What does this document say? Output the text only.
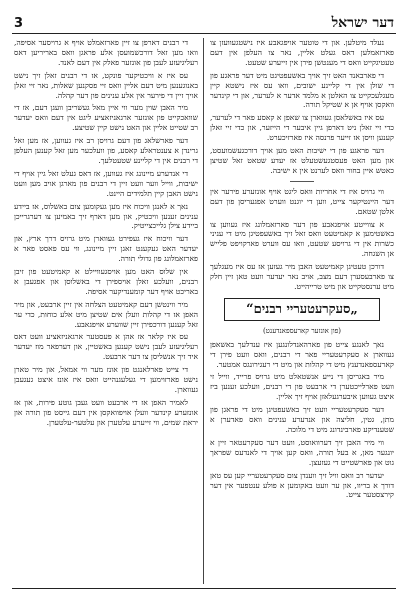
3	דער ישראל

נעלד מיטלען. און די טוטער אויפגאבע איז נישטגעוועזן צו פארזאמלען דאס געלט אליין, נאר צו העלפן אין דעם טעטיגקייט וואס די מענטשן פירן אין זייערע שטעט.

די פארבאנד האט זיך אויך באשעפטיגט מיט דער פראגע פון די שולן אין די קליינע ישובים, וואו עס איז נישטא קיין מעגלעכקייט צו האלטן א מלמד אדער א לערער, און די קינדער וואקסן אויף אן א שטיקל תורה.

עס איז באשלאסן געווארן צו שאפן א קאסע פאר די לערער, כדי זיי זאלן ניט דארפן גיין איבער די הייזער, און כדי זיי זאלן קענען וויסן אז זייער פרנסה איז פארזיכערט.

דער פראגע פון די ישיבות האט מען אויך דורכגעשמועסט, און מען האט פעסטגעשטעלט אז יעדע שטאט זאל שטיצן כאטש איין בחור וואס לערנט אין א ישיבה.

ווי גרויס איז די אחריות וואס ליגט אויף אונזערע פירער אין דער היינטיקער צייט, ווען די יוגנט ווערט אפגעריסן פון דעם אלטן שטאם.

א צווייטע אויפגאבע פון דער פארזאמלונג איז געווען צו באשטימען א קאמיטעט וואס זאל זיך באשעפטיגן מיט די עניני כשרות אין די גרויסע שטעט, וואו עס ווערט פארקויפט פלייש אן השגחה.

דורכן טעטיגן קאמיטעט האבן מיר געזען אז עס איז מעגלעך צו פארבעסערן דעם מצב, אויב נאר יעדער וועט טאן זיין חלק מיט ערנסטקייט און מיט טרייהייט.

„סעקרעטעריי רבנים“
(פון אונזער קארעספאנדענט)

נאך לאנגע צייט פון פארהאנדלונגען איז ענדלעך באשאפן געווארן א סעקרעטעריי פאר די רבנים, וואס וועט פירן די קארעספאנדענץ מיט די קהלות און מיט די רעגירונגס אמטער.

מיר באגריסן די נייע אנשטאלט מיט גרויס פרייד, ווייל זי וועט פארלייכטערן די ארבעט פון די רבנים, וועלכע זענען ביז איצט געווען איבערגעלאזן אויף זיך אליין.

דער סעקרעטעריי וועט זיך באשעפטיגן מיט די פראגן פון מתן, גטין, חליצה און אנדערע ענינים וואס פאדערן א שטענדיקע פארבינדונג מיט די מלוכה.

ווי מיר האבן זיך דערוואוסט, וועט דער סעקרעטאר זיין א יונגער מאן, א בעל תורה, וואס קען אויך די לאנדעס שפראך גוט און פארשטייט די געזעצן.

יעדער רב וואס וויל זיך ווענדן צום סעקרעטעריי קען עס טאן דורך א בריוו, און ער וועט באקומען א פולע ענטפער אין דער קירצסטער צייט.

די רבנים דארפן צו זיין פארזאמלט אויף א גרויסער אסיפה, וואו מען זאל דורכשמועסן אלע פראגן וואס באריריען דאס רעליגיעזע לעבן פון אונזער פאלק אין דעם לאנד.

עס איז א וויכטיקער פונקט, אז די רבנים זאלן זיך נישט באנוגענען מיט דעם אליין וואס זיי פסקנען שאלות, נאר זיי זאלן אויך זיין די פירער אין אלע ענינים פון דער קהלה.

מיר האבן שוין מער ווי איין מאל געשריבן וועגן דעם, אז די שוואכקייט פון אונזער ארגאניזאציע ליגט אין דעם וואס יעדער רב שטייט אליין און האט נישט קיין שטיצע.

דער פארשלאג פון דעם גרויסן רב איז געווען, אז מען זאל גרינדן א צענטראלע קאסע, פון וועלכער מען זאל קענען העלפן די רבנים אין די קליינע שטעטלעך.

די אנדערע מיינונג איז געווען, אז דאס געלט זאל גיין אויף די ישיבות, ווייל ווער וועט זיין די רבנים פון מארגן אויב מען וועט נישט האבן קיין תלמידים היינט.

נאך א לאנגן וויכוח איז מען געקומען צום באשלוס, אז ביידע ענינים זענען וויכטיק, און מען דארף זיך באמיען צו דערגרייכן ביידע צילן גלייכצייטיק.

דער וויכוח איז געפירט געווארן מיט גרויס דרך ארץ, און יעדער האט געקענט זאגן זיין מיינונג, ווי עס פאסט פאר א פארזאמלונג פון גדולי תורה.

אין שלוס האט מען אויסגעוויילט א קאמיטעט פון זיבן רבנים, וועלכע זאלן אויספירן די באשלוסן און אפגעבן א באריכט אויף דער קומענדיקער אסיפה.

מיר ווינטשן דעם קאמיטעט הצלחה אין זיין ארבעט, און מיר האפן אז די קהלות וועלן אים שטיצן מיט אלע כוחות, כדי ער זאל קענען דורכפירן זיין שווערע אויפגאבע.

עס איז קלאר אז אהן א פעסטער ארגאניזאציע וועט דאס רעליגיעזע לעבן נישט קענען באשטיין, און דערפאר מוז יעדער איד זיך אנשליסן צו דער ארבעט.

די צייט פארלאנגט פון אונז מער ווי אמאל, און מיר טארן נישט פארזוימען די געלעגנהייט וואס איז אונז איצט געגעבן געווארן.

לאמיר האפן אז די ארבעט וועט געבן גוטע פירות, און אז אונזערע קינדער וועלן אויפוואקסן אין דעם גייסט פון תורה און יראת שמים, ווי זייערע עלטערן און עלטער-עלטערן.
